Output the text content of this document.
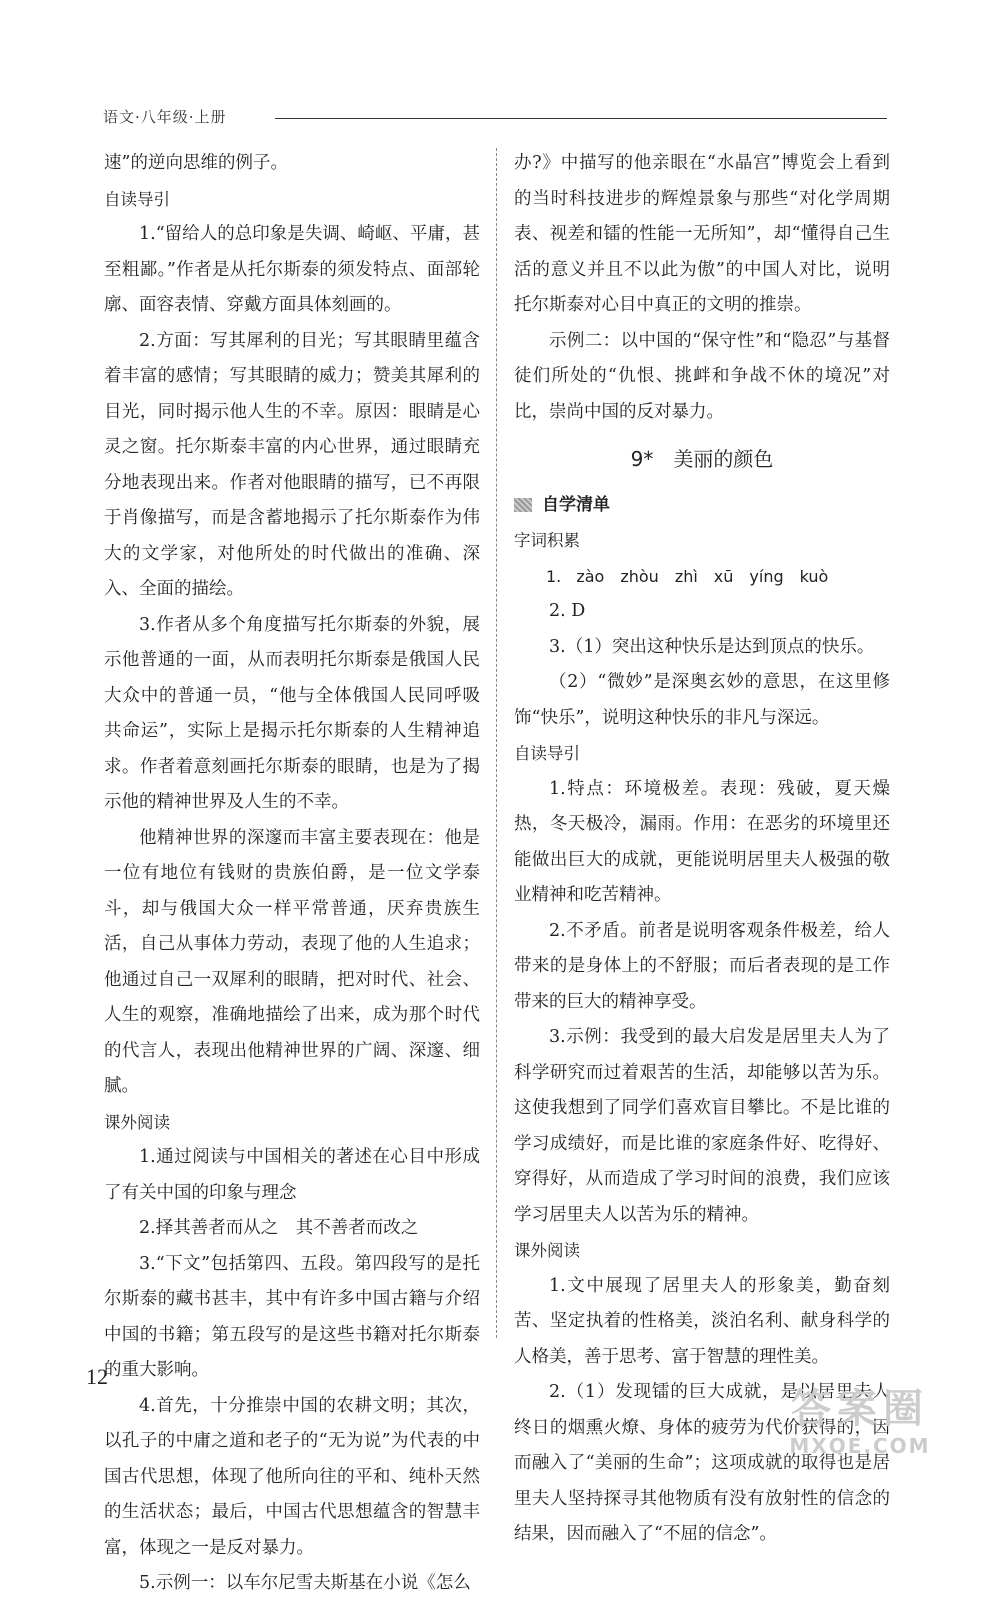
语文·八年级·上册

速”的逆向思维的例子。

自读导引

1.“留给人的总印象是失调、崎岖、平庸，甚至粗鄙。”作者是从托尔斯泰的须发特点、面部轮廓、面容表情、穿戴方面具体刻画的。

2.方面：写其犀利的目光；写其眼睛里蕴含着丰富的感情；写其眼睛的威力；赞美其犀利的目光，同时揭示他人生的不幸。原因：眼睛是心灵之窗。托尔斯泰丰富的内心世界，通过眼睛充分地表现出来。作者对他眼睛的描写，已不再限于肖像描写，而是含蓄地揭示了托尔斯泰作为伟大的文学家，对他所处的时代做出的准确、深入、全面的描绘。

3.作者从多个角度描写托尔斯泰的外貌，展示他普通的一面，从而表明托尔斯泰是俄国人民大众中的普通一员，“他与全体俄国人民同呼吸共命运”，实际上是揭示托尔斯泰的人生精神追求。作者着意刻画托尔斯泰的眼睛，也是为了揭示他的精神世界及人生的不幸。

他精神世界的深邃而丰富主要表现在：他是一位有地位有钱财的贵族伯爵，是一位文学泰斗，却与俄国大众一样平常普通，厌弃贵族生活，自己从事体力劳动，表现了他的人生追求；他通过自己一双犀利的眼睛，把对时代、社会、人生的观察，准确地描绘了出来，成为那个时代的代言人，表现出他精神世界的广阔、深邃、细腻。

课外阅读

1.通过阅读与中国相关的著述在心目中形成了有关中国的印象与理念

2.择其善者而从之　其不善者而改之

3.“下文”包括第四、五段。第四段写的是托尔斯泰的藏书甚丰，其中有许多中国古籍与介绍中国的书籍；第五段写的是这些书籍对托尔斯泰的重大影响。

4.首先，十分推崇中国的农耕文明；其次，以孔子的中庸之道和老子的“无为说”为代表的中国古代思想，体现了他所向往的平和、纯朴天然的生活状态；最后，中国古代思想蕴含的智慧丰富，体现之一是反对暴力。

5.示例一：以车尔尼雪夫斯基在小说《怎么

办?》中描写的他亲眼在“水晶宫”博览会上看到的当时科技进步的辉煌景象与那些“对化学周期表、视差和镭的性能一无所知”，却“懂得自己生活的意义并且不以此为傲”的中国人对比，说明托尔斯泰对心目中真正的文明的推崇。

示例二：以中国的“保守性”和“隐忍”与基督徒们所处的“仇恨、挑衅和争战不休的境况”对比，崇尚中国的反对暴力。

9*　美丽的颜色

自学清单

字词积累

1. zào　zhòu　zhì　xū　yíng　kuò

2. D

3.（1）突出这种快乐是达到顶点的快乐。

（2）“微妙”是深奥玄妙的意思，在这里修饰“快乐”，说明这种快乐的非凡与深远。

自读导引

1.特点：环境极差。表现：残破，夏天燥热，冬天极冷，漏雨。作用：在恶劣的环境里还能做出巨大的成就，更能说明居里夫人极强的敬业精神和吃苦精神。

2.不矛盾。前者是说明客观条件极差，给人带来的是身体上的不舒服；而后者表现的是工作带来的巨大的精神享受。

3.示例：我受到的最大启发是居里夫人为了科学研究而过着艰苦的生活，却能够以苦为乐。这使我想到了同学们喜欢盲目攀比。不是比谁的学习成绩好，而是比谁的家庭条件好、吃得好、穿得好，从而造成了学习时间的浪费，我们应该学习居里夫人以苦为乐的精神。

课外阅读

1.文中展现了居里夫人的形象美，勤奋刻苦、坚定执着的性格美，淡泊名利、献身科学的人格美，善于思考、富于智慧的理性美。

2.（1）发现镭的巨大成就，是以居里夫人终日的烟熏火燎、身体的疲劳为代价获得的，因而融入了“美丽的生命”；这项成就的取得也是居里夫人坚持探寻其他物质有没有放射性的信念的结果，因而融入了“不屈的信念”。

12
答案圈
MXQE.COM
